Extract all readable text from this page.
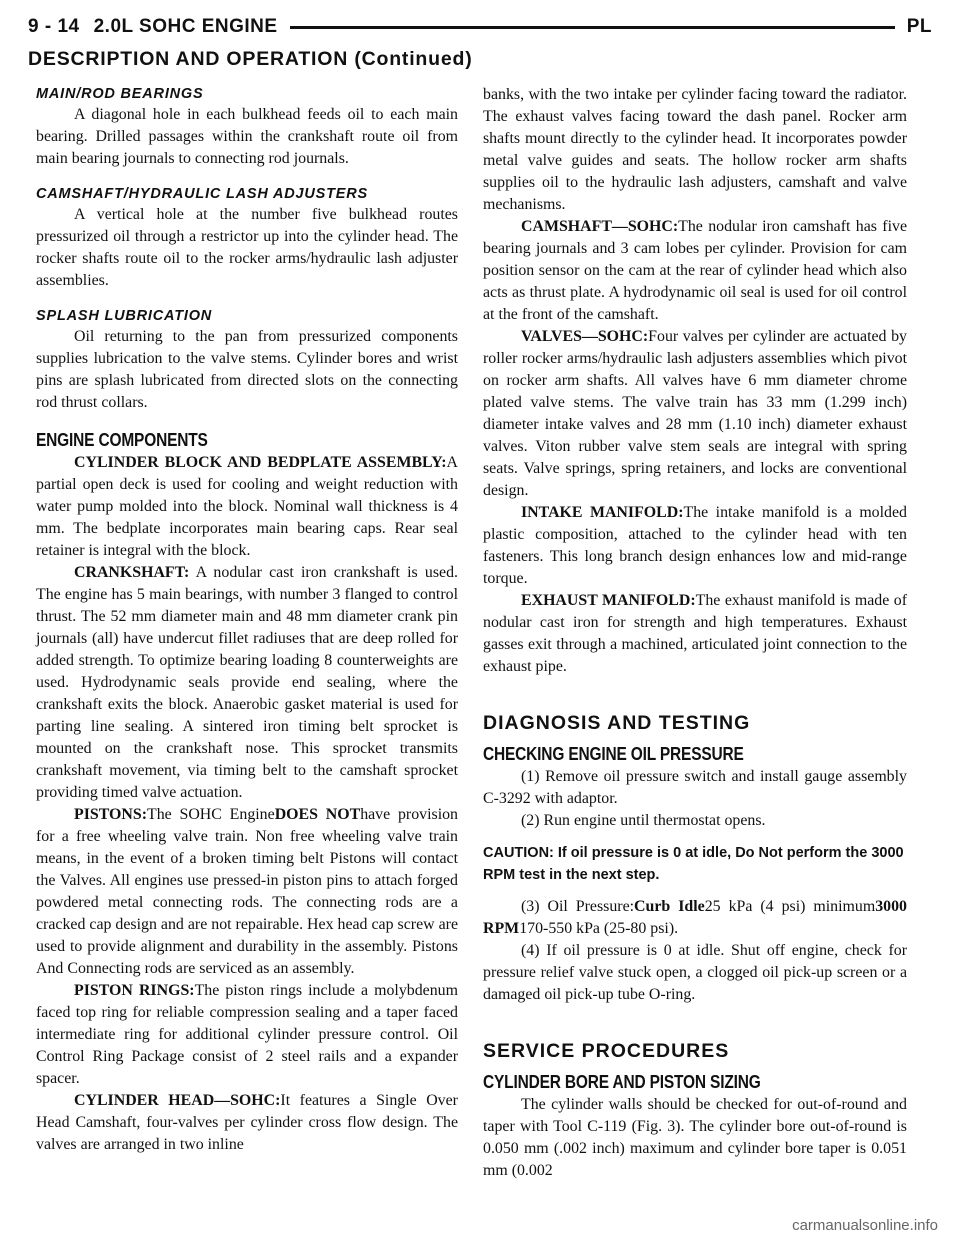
9 - 14 2.0L SOHC ENGINE	PL
DESCRIPTION AND OPERATION (Continued)
MAIN/ROD BEARINGS

A diagonal hole in each bulkhead feeds oil to each main bearing. Drilled passages within the crankshaft route oil from main bearing journals to connecting rod journals.

CAMSHAFT/HYDRAULIC LASH ADJUSTERS

A vertical hole at the number five bulkhead routes pressurized oil through a restrictor up into the cylinder head. The rocker shafts route oil to the rocker arms/hydraulic lash adjuster assemblies.

SPLASH LUBRICATION

Oil returning to the pan from pressurized components supplies lubrication to the valve stems. Cylinder bores and wrist pins are splash lubricated from directed slots on the connecting rod thrust collars.

ENGINE COMPONENTS

CYLINDER BLOCK AND BEDPLATE ASSEMBLY:A partial open deck is used for cooling and weight reduction with water pump molded into the block. Nominal wall thickness is 4 mm. The bedplate incorporates main bearing caps. Rear seal retainer is integral with the block.

CRANKSHAFT: A nodular cast iron crankshaft is used. The engine has 5 main bearings, with number 3 flanged to control thrust. The 52 mm diameter main and 48 mm diameter crank pin journals (all) have undercut fillet radiuses that are deep rolled for added strength. To optimize bearing loading 8 counterweights are used. Hydrodynamic seals provide end sealing, where the crankshaft exits the block. Anaerobic gasket material is used for parting line sealing. A sintered iron timing belt sprocket is mounted on the crankshaft nose. This sprocket transmits crankshaft movement, via timing belt to the camshaft sprocket providing timed valve actuation.

PISTONS:The SOHC EngineDOES NOThave provision for a free wheeling valve train. Non free wheeling valve train means, in the event of a broken timing belt Pistons will contact the Valves. All engines use pressed-in piston pins to attach forged powdered metal connecting rods. The connecting rods are a cracked cap design and are not repairable. Hex head cap screw are used to provide alignment and durability in the assembly. Pistons And Connecting rods are serviced as an assembly.

PISTON RINGS:The piston rings include a molybdenum faced top ring for reliable compression sealing and a taper faced intermediate ring for additional cylinder pressure control. Oil Control Ring Package consist of 2 steel rails and a expander spacer.

CYLINDER HEAD—SOHC:It features a Single Over Head Camshaft, four-valves per cylinder cross flow design. The valves are arranged in two inline

banks, with the two intake per cylinder facing toward the radiator. The exhaust valves facing toward the dash panel. Rocker arm shafts mount directly to the cylinder head. It incorporates powder metal valve guides and seats. The hollow rocker arm shafts supplies oil to the hydraulic lash adjusters, camshaft and valve mechanisms.

CAMSHAFT—SOHC:The nodular iron camshaft has five bearing journals and 3 cam lobes per cylinder. Provision for cam position sensor on the cam at the rear of cylinder head which also acts as thrust plate. A hydrodynamic oil seal is used for oil control at the front of the camshaft.

VALVES—SOHC:Four valves per cylinder are actuated by roller rocker arms/hydraulic lash adjusters assemblies which pivot on rocker arm shafts. All valves have 6 mm diameter chrome plated valve stems. The valve train has 33 mm (1.299 inch) diameter intake valves and 28 mm (1.10 inch) diameter exhaust valves. Viton rubber valve stem seals are integral with spring seats. Valve springs, spring retainers, and locks are conventional design.

INTAKE MANIFOLD:The intake manifold is a molded plastic composition, attached to the cylinder head with ten fasteners. This long branch design enhances low and mid-range torque.

EXHAUST MANIFOLD:The exhaust manifold is made of nodular cast iron for strength and high temperatures. Exhaust gasses exit through a machined, articulated joint connection to the exhaust pipe.

DIAGNOSIS AND TESTING
CHECKING ENGINE OIL PRESSURE

(1) Remove oil pressure switch and install gauge assembly C-3292 with adaptor.

(2) Run engine until thermostat opens.

CAUTION: If oil pressure is 0 at idle, Do Not perform the 3000 RPM test in the next step.

(3) Oil Pressure:Curb Idle25 kPa (4 psi) minimum3000 RPM170-550 kPa (25-80 psi).

(4) If oil pressure is 0 at idle. Shut off engine, check for pressure relief valve stuck open, a clogged oil pick-up screen or a damaged oil pick-up tube O-ring.

SERVICE PROCEDURES
CYLINDER BORE AND PISTON SIZING

The cylinder walls should be checked for out-of-round and taper with Tool C-119 (Fig. 3). The cylinder bore out-of-round is 0.050 mm (.002 inch) maximum and cylinder bore taper is 0.051 mm (0.002

carmanualsonline.info
